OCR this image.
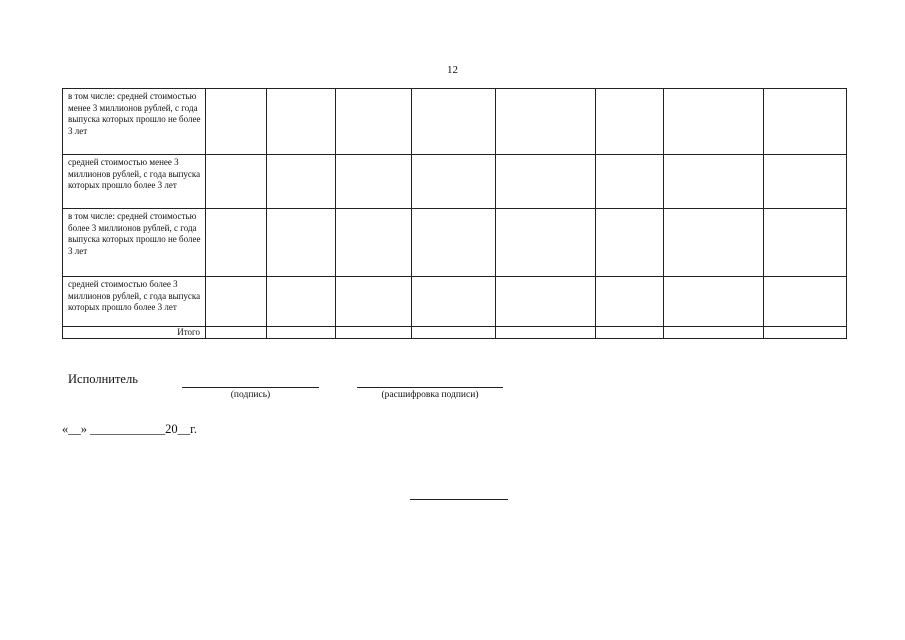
12
в том числе: средней стоимостью менее 3 миллионов рублей, с года выпуска которых прошло не более 3 лет								
средней стоимостью менее 3 миллионов рублей, с года выпуска которых прошло более 3 лет								
в том числе: средней стоимостью более 3 миллионов рублей, с года выпуска которых прошло не более 3 лет								
средней стоимостью более 3 миллионов рублей, с года выпуска которых прошло более 3 лет								
Итого								
Исполнитель
(подпись)	(расшифровка подписи)
«__» ____________20__г.
